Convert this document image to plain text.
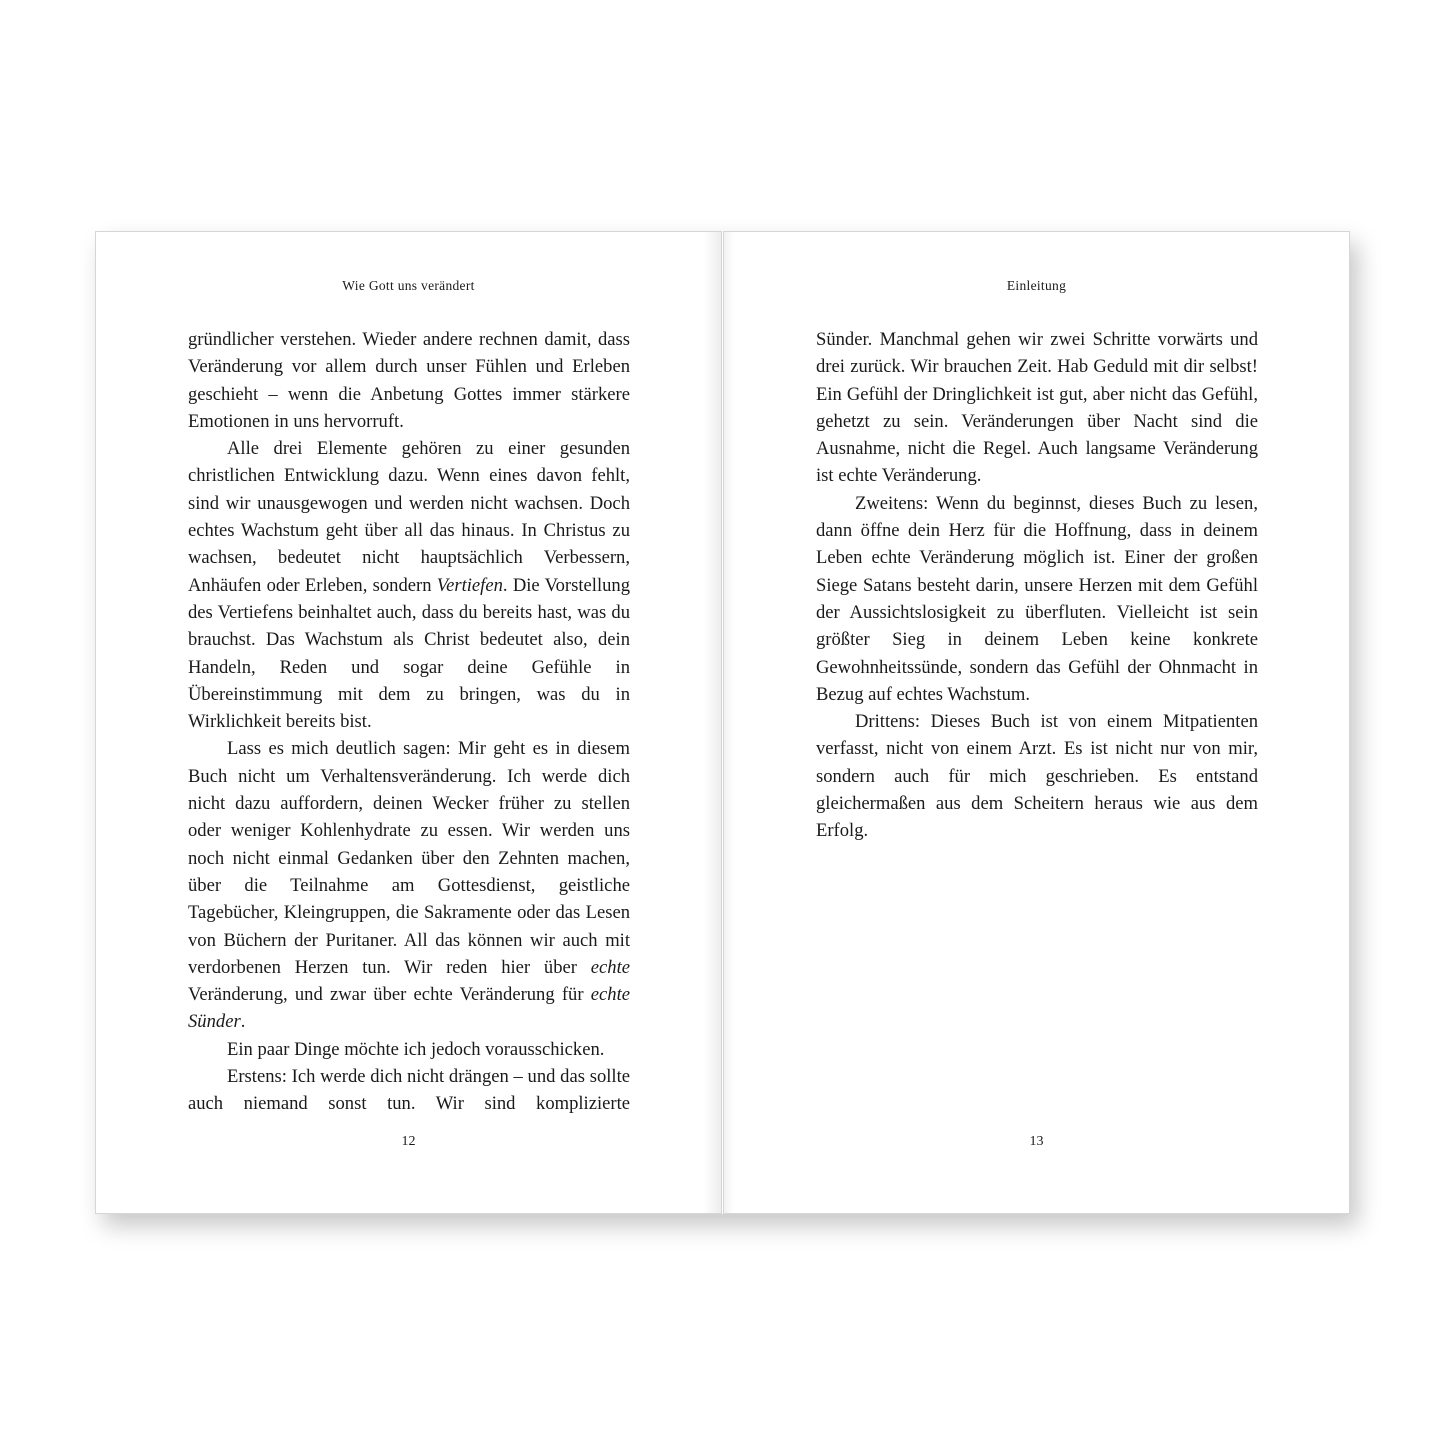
Wie Gott uns verändert

gründlicher verstehen. Wieder andere rechnen damit, dass Veränderung vor allem durch unser Fühlen und Erleben geschieht – wenn die Anbetung Gottes immer stärkere Emotionen in uns hervorruft.

Alle drei Elemente gehören zu einer gesunden christlichen Entwicklung dazu. Wenn eines davon fehlt, sind wir unausgewogen und werden nicht wachsen. Doch echtes Wachstum geht über all das hinaus. In Christus zu wachsen, bedeutet nicht hauptsächlich Verbessern, Anhäufen oder Erleben, sondern Vertiefen. Die Vorstellung des Vertiefens beinhaltet auch, dass du bereits hast, was du brauchst. Das Wachstum als Christ bedeutet also, dein Handeln, Reden und sogar deine Gefühle in Übereinstimmung mit dem zu bringen, was du in Wirklichkeit bereits bist.

Lass es mich deutlich sagen: Mir geht es in diesem Buch nicht um Verhaltensveränderung. Ich werde dich nicht dazu auffordern, deinen Wecker früher zu stellen oder weniger Kohlenhydrate zu essen. Wir werden uns noch nicht einmal Gedanken über den Zehnten machen, über die Teilnahme am Gottesdienst, geistliche Tagebücher, Kleingruppen, die Sakramente oder das Lesen von Büchern der Puritaner. All das können wir auch mit verdorbenen Herzen tun. Wir reden hier über echte Veränderung, und zwar über echte Veränderung für echte Sünder.

Ein paar Dinge möchte ich jedoch vorausschicken.

Erstens: Ich werde dich nicht drängen – und das sollte auch niemand sonst tun. Wir sind komplizierte

12
Einleitung

Sünder. Manchmal gehen wir zwei Schritte vorwärts und drei zurück. Wir brauchen Zeit. Hab Geduld mit dir selbst! Ein Gefühl der Dringlichkeit ist gut, aber nicht das Gefühl, gehetzt zu sein. Veränderungen über Nacht sind die Ausnahme, nicht die Regel. Auch langsame Veränderung ist echte Veränderung.

Zweitens: Wenn du beginnst, dieses Buch zu lesen, dann öffne dein Herz für die Hoffnung, dass in deinem Leben echte Veränderung möglich ist. Einer der großen Siege Satans besteht darin, unsere Herzen mit dem Gefühl der Aussichtslosigkeit zu überfluten. Vielleicht ist sein größter Sieg in deinem Leben keine konkrete Gewohnheitssünde, sondern das Gefühl der Ohnmacht in Bezug auf echtes Wachstum.

Drittens: Dieses Buch ist von einem Mitpatienten verfasst, nicht von einem Arzt. Es ist nicht nur von mir, sondern auch für mich geschrieben. Es entstand gleichermaßen aus dem Scheitern heraus wie aus dem Erfolg.

13
